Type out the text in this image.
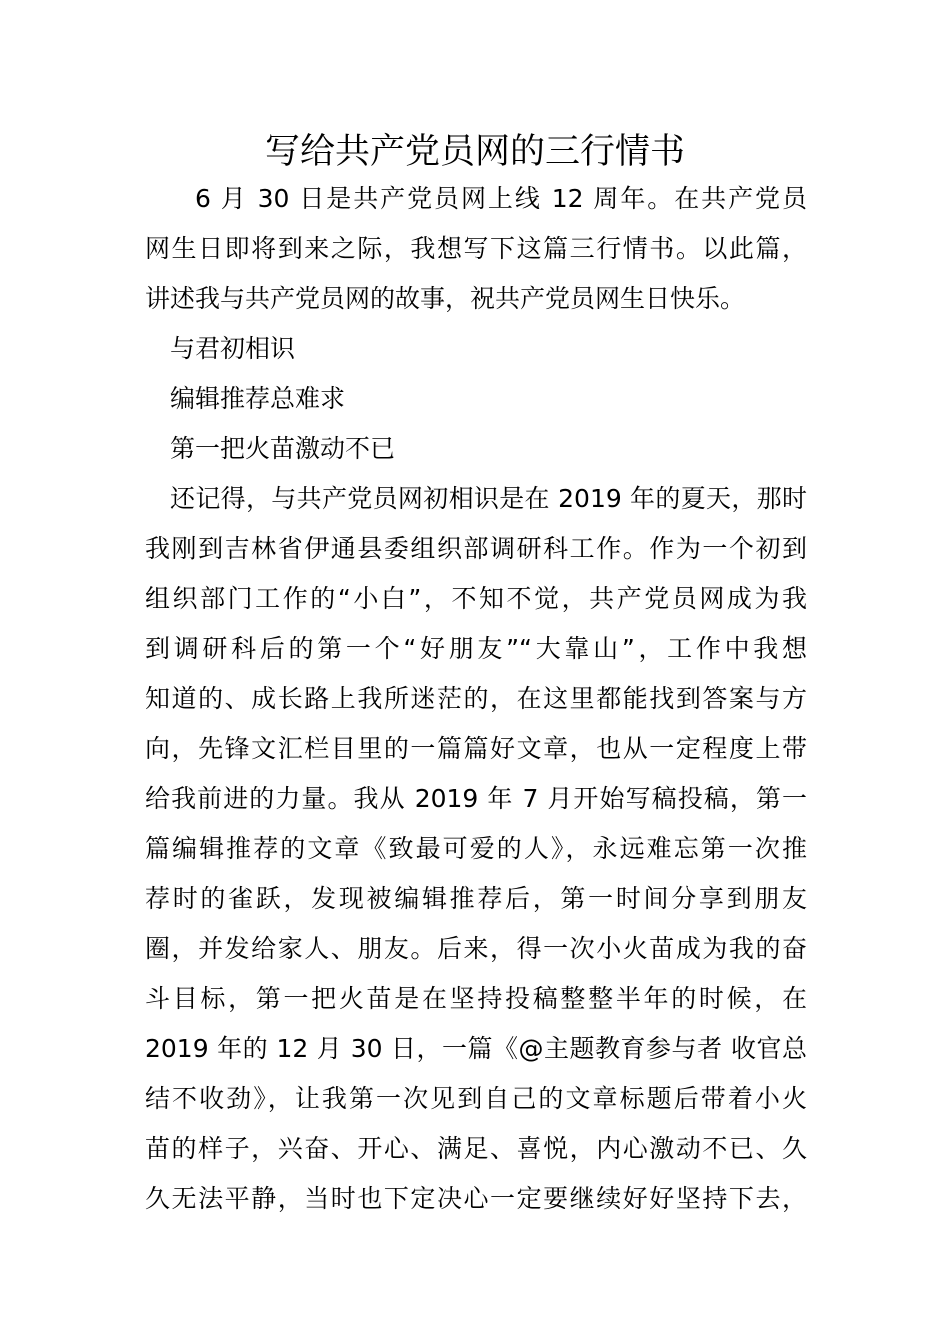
写给共产党员网的三行情书
6 月 30 日是共产党员网上线 12 周年。在共产党员
网生日即将到来之际，我想写下这篇三行情书。以此篇，
讲述我与共产党员网的故事，祝共产党员网生日快乐。
与君初相识
编辑推荐总难求
第一把火苗激动不已
还记得，与共产党员网初相识是在 2019 年的夏天，那时
我刚到吉林省伊通县委组织部调研科工作。作为一个初到
组织部门工作的“小白”，不知不觉，共产党员网成为我
到调研科后的第一个“好朋友”“大靠山”，工作中我想
知道的、成长路上我所迷茫的，在这里都能找到答案与方
向，先锋文汇栏目里的一篇篇好文章，也从一定程度上带
给我前进的力量。我从 2019 年 7 月开始写稿投稿，第一
篇编辑推荐的文章《致最可爱的人》，永远难忘第一次推
荐时的雀跃，发现被编辑推荐后，第一时间分享到朋友
圈，并发给家人、朋友。后来，得一次小火苗成为我的奋
斗目标，第一把火苗是在坚持投稿整整半年的时候，在
2019 年的 12 月 30 日，一篇《@主题教育参与者 收官总
结不收劲》，让我第一次见到自己的文章标题后带着小火
苗的样子，兴奋、开心、满足、喜悦，内心激动不已、久
久无法平静，当时也下定决心一定要继续好好坚持下去，
